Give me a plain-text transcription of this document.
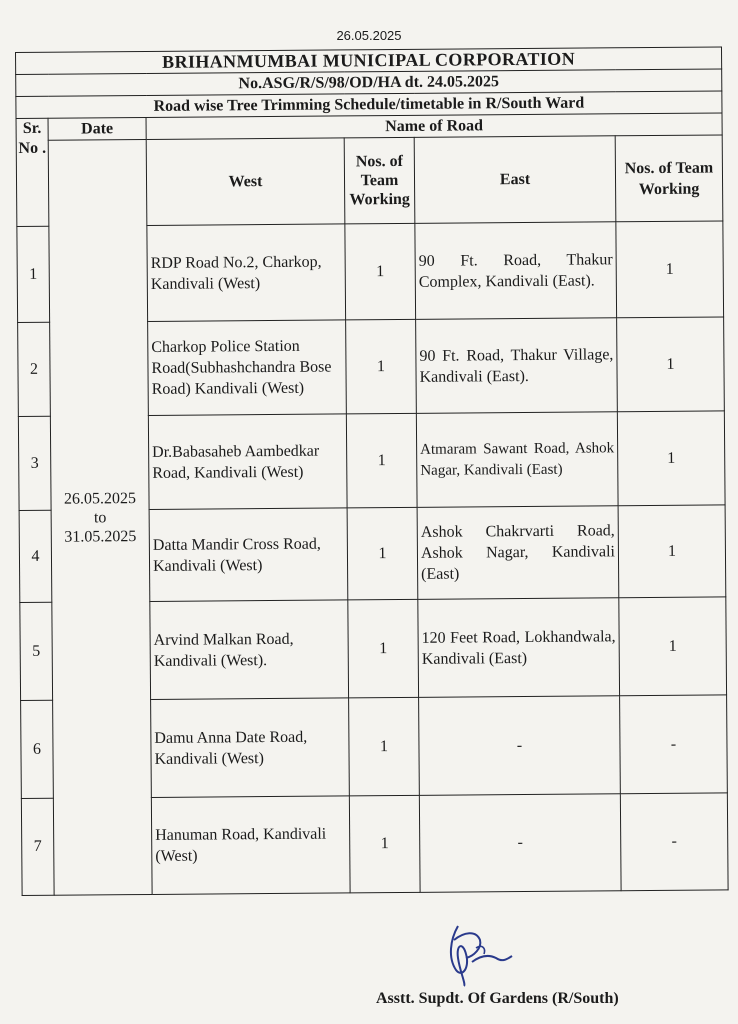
26.05.2025
BRIHANMUMBAI MUNICIPAL CORPORATION					
No.ASG/R/S/98/OD/HA dt. 24.05.2025					
Road wise Tree Trimming Schedule/timetable in R/South Ward					
Sr. No .	Date	Name of Road			

	26.05.2025
to
31.05.2025	West	Nos. of Team Working	East	Nos. of Team Working
1		RDP Road No.2, Charkop, Kandivali (West)	1	90 Ft. Road, Thakur Complex, Kandivali (East).	1
2		Charkop Police Station Road(Subhashchandra Bose Road) Kandivali (West)	1	90 Ft. Road, Thakur Village, Kandivali (East).	1
3		Dr.Babasaheb Aambedkar Road, Kandivali (West)	1	Atmaram Sawant Road, Ashok Nagar, Kandivali (East)	1
4		Datta Mandir Cross Road, Kandivali (West)	1	Ashok Chakrvarti Road, Ashok Nagar, Kandivali (East)	1
5		Arvind Malkan Road, Kandivali (West).	1	120 Feet Road, Lokhandwala, Kandivali (East)	1
6		Damu Anna Date Road, Kandivali (West)	1	-	-
7		Hanuman Road, Kandivali (West)	1	-	-
Asstt. Supdt. Of Gardens (R/South)
